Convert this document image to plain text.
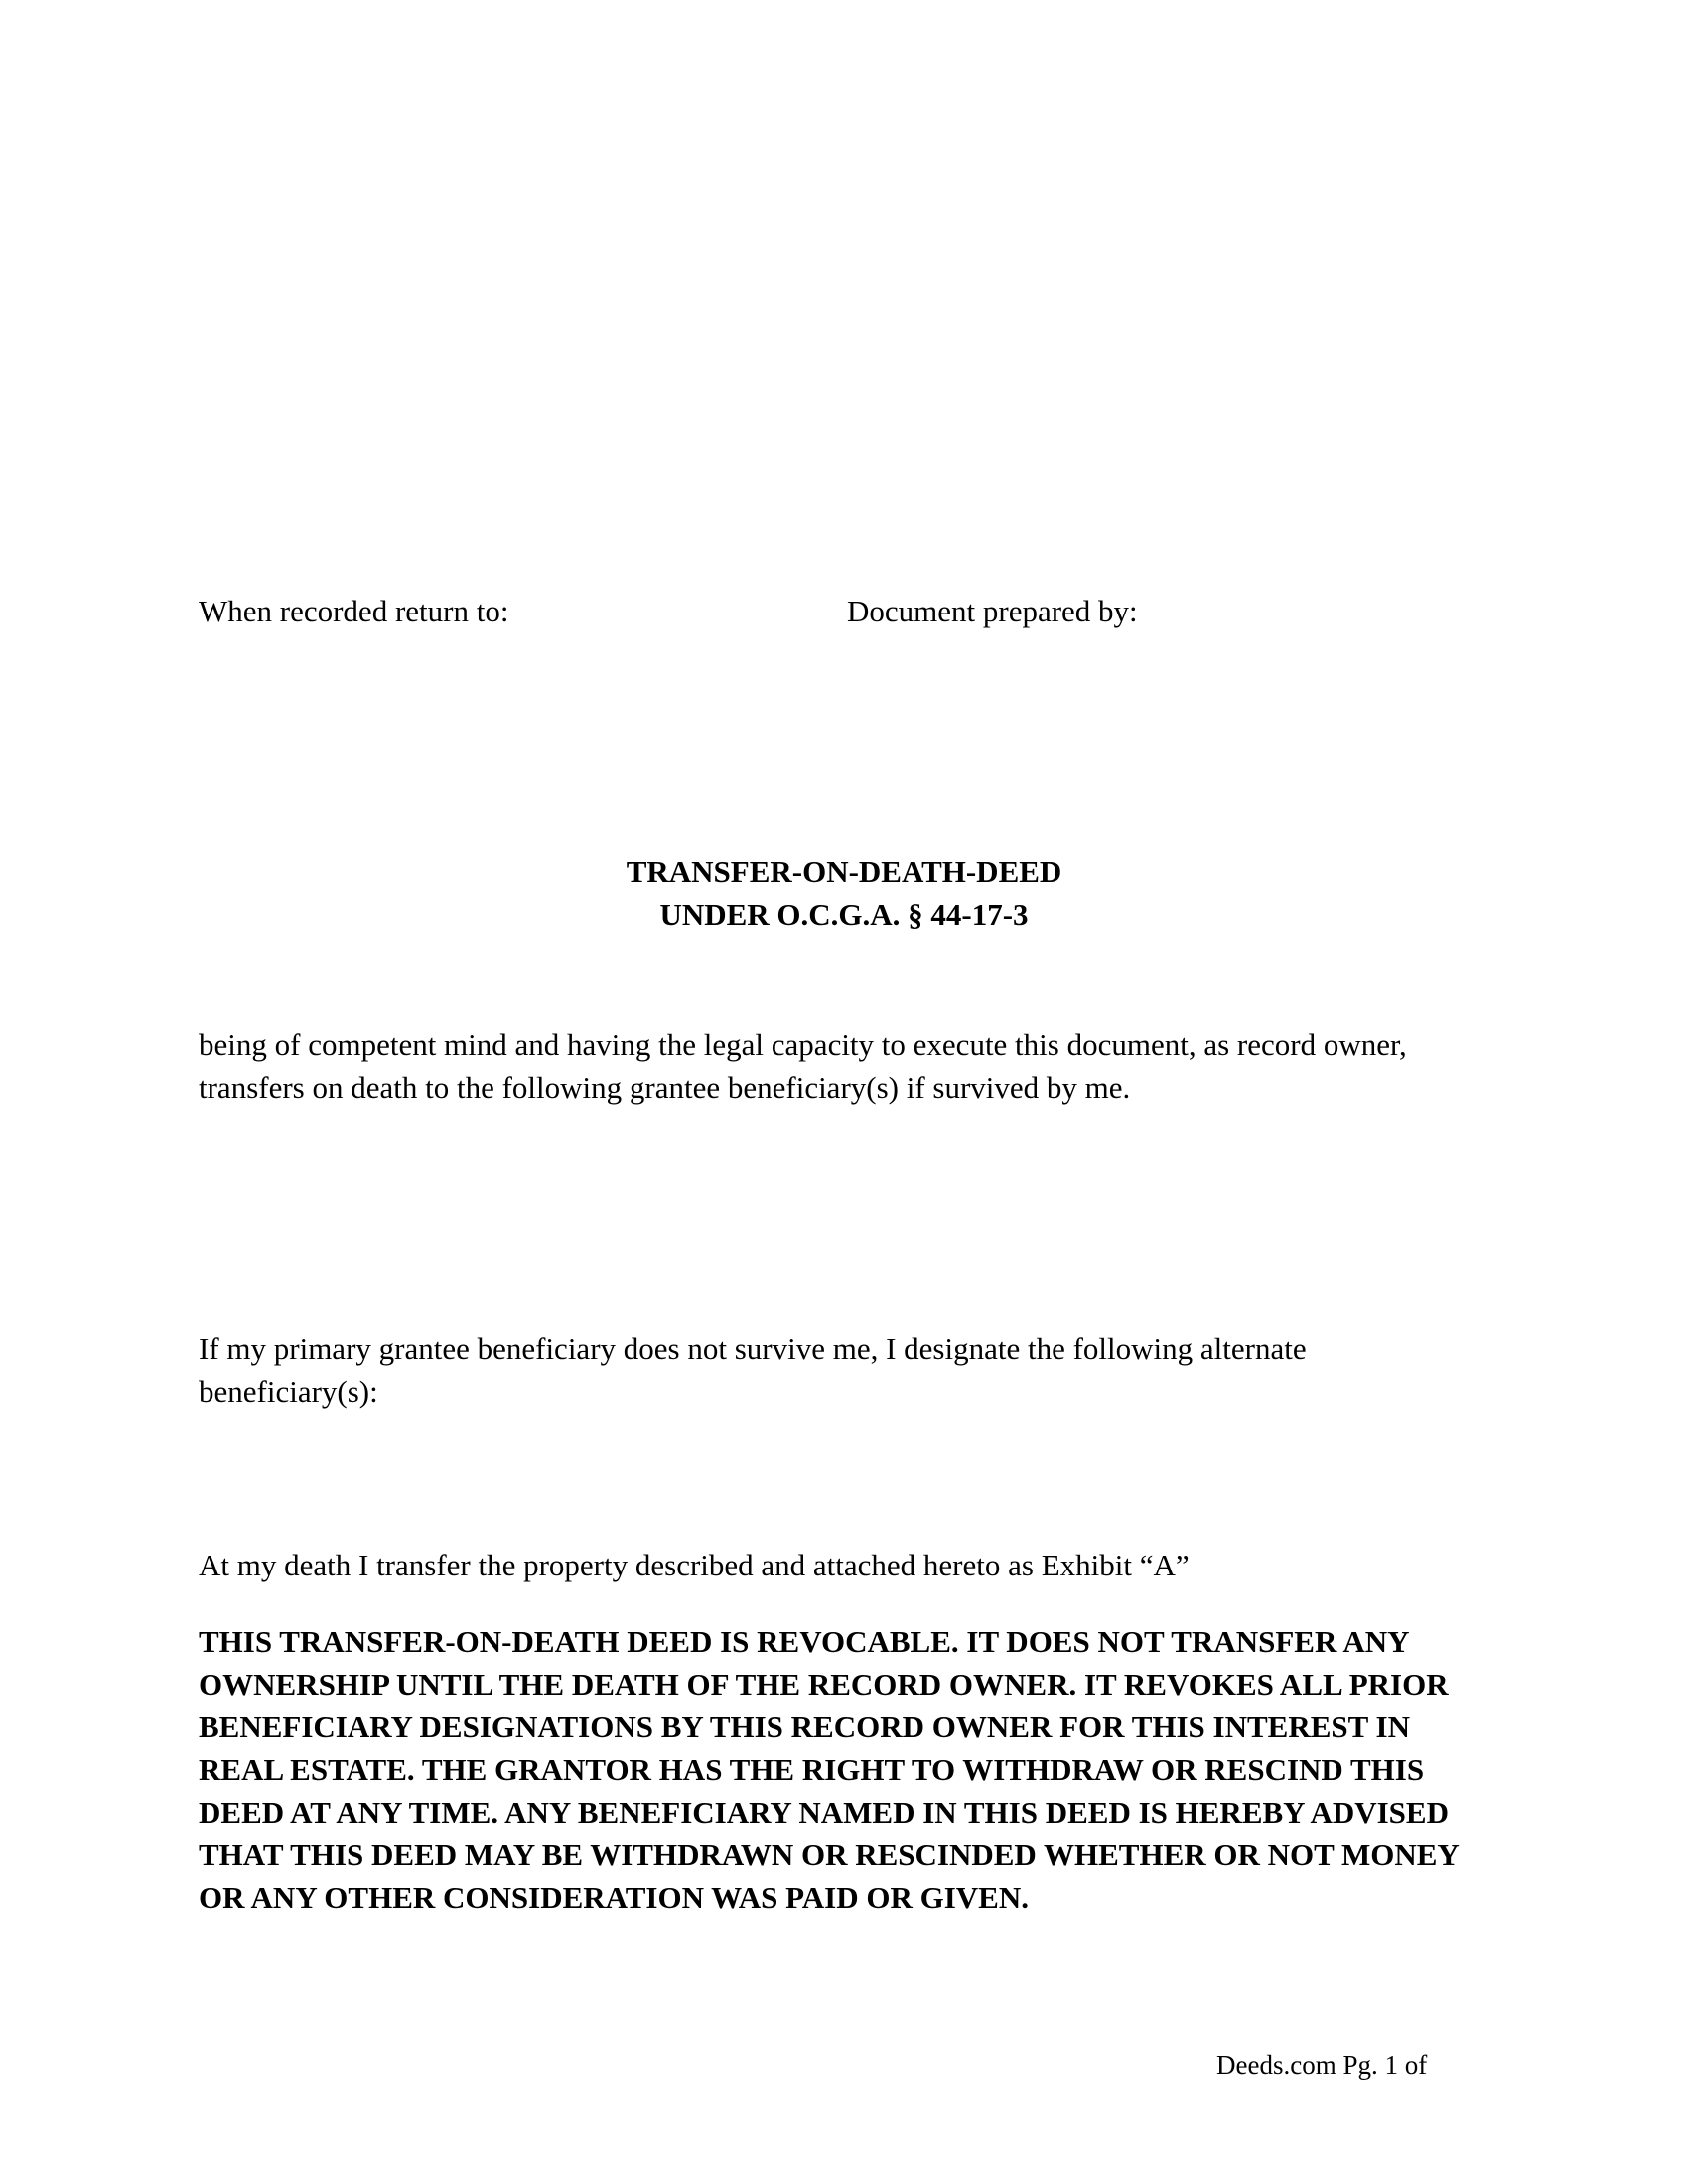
When recorded return to:	Document prepared by:
TRANSFER-ON-DEATH-DEED
UNDER O.C.G.A. § 44-17-3
being of competent mind and having the legal capacity to execute this document, as record owner, transfers on death to the following grantee beneficiary(s) if survived by me.
If my primary grantee beneficiary does not survive me, I designate the following alternate beneficiary(s):
At my death I transfer the property described and attached hereto as Exhibit “A”
THIS TRANSFER-ON-DEATH DEED IS REVOCABLE. IT DOES NOT TRANSFER ANY OWNERSHIP UNTIL THE DEATH OF THE RECORD OWNER. IT REVOKES ALL PRIOR BENEFICIARY DESIGNATIONS BY THIS RECORD OWNER FOR THIS INTEREST IN REAL ESTATE. THE GRANTOR HAS THE RIGHT TO WITHDRAW OR RESCIND THIS DEED AT ANY TIME. ANY BENEFICIARY NAMED IN THIS DEED IS HEREBY ADVISED THAT THIS DEED MAY BE WITHDRAWN OR RESCINDED WHETHER OR NOT MONEY OR ANY OTHER CONSIDERATION WAS PAID OR GIVEN.
Deeds.com Pg. 1 of
